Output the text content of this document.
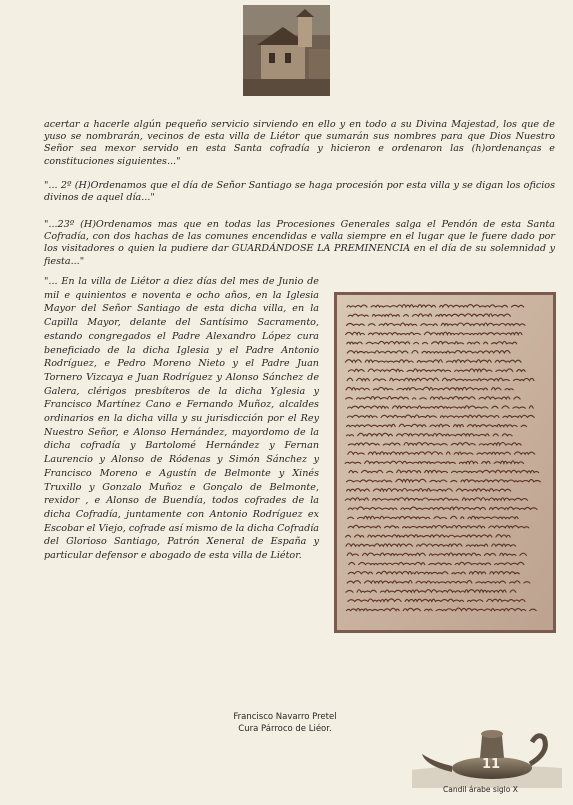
acertar a hacerle algún pequeño servicio sirviendo en ello y en todo a su Divina Majestad, los que de yuso se nombrarán, vecinos de esta villa de Liétor que sumarán sus nombres para que Dios Nuestro Señor sea mexor servido en esta Santa cofradía y hicieron e ordenaron las (h)ordenanças e constituciones siguientes..."

"... 2º (H)Ordenamos que el día de Señor Santiago se haga procesión por esta villa y se digan los oficios divinos de aquel día..."

"...23º (H)Ordenamos mas que en todas las Procesiones Generales salga el Pendón de esta Santa Cofradía, con dos hachas de las comunes encendidas e valla siempre en el lugar que le fuere dado por los visitadores o quien la pudiere dar GUARDÁNDOSE LA PREMINENCIA en el día de su solemnidad y fiesta..."

"... En la villa de Liétor a diez días del mes de Junio de mil e quinientos e noventa e ocho años, en la Iglesia Mayor del Señor Santiago de esta dicha villa, en la Capilla Mayor, delante del Santísimo Sacramento, estando congregados el Padre Alexandro López cura beneficiado de la dicha Iglesia y el Padre Antonio Rodríguez, e Pedro Moreno Nieto y el Padre Juan Tornero Vizcaya e Juan Rodríguez y Alonso Sánchez de Galera, clérigos presbíteros de la dicha Yglesia y Francisco Martínez Cano e Fernando Muñoz, alcaldes ordinarios en la dicha villa y su jurisdicción por el Rey Nuestro Señor, e Alonso Hernández, mayordomo de la dicha cofradía y Bartolomé Hernández y Fernan Laurencio y Alonso de Ródenas y Simón Sánchez y Francisco Moreno e Agustín de Belmonte y Xinés Truxillo y Gonzalo Muñoz e Gonçalo de Belmonte, rexidor , e Alonso de Buendía, todos cofrades de la dicha Cofradía, juntamente con Antonio Rodríguez ex Escobar el Viejo, cofrade así mismo de la dicha Cofradía del Glorioso Santiago, Patrón Xeneral de España y particular defensor e abogado de esta villa de Liétor.

Francisco Navarro Pretel
Cura Párroco de Liéor.
11
Candil árabe siglo X
